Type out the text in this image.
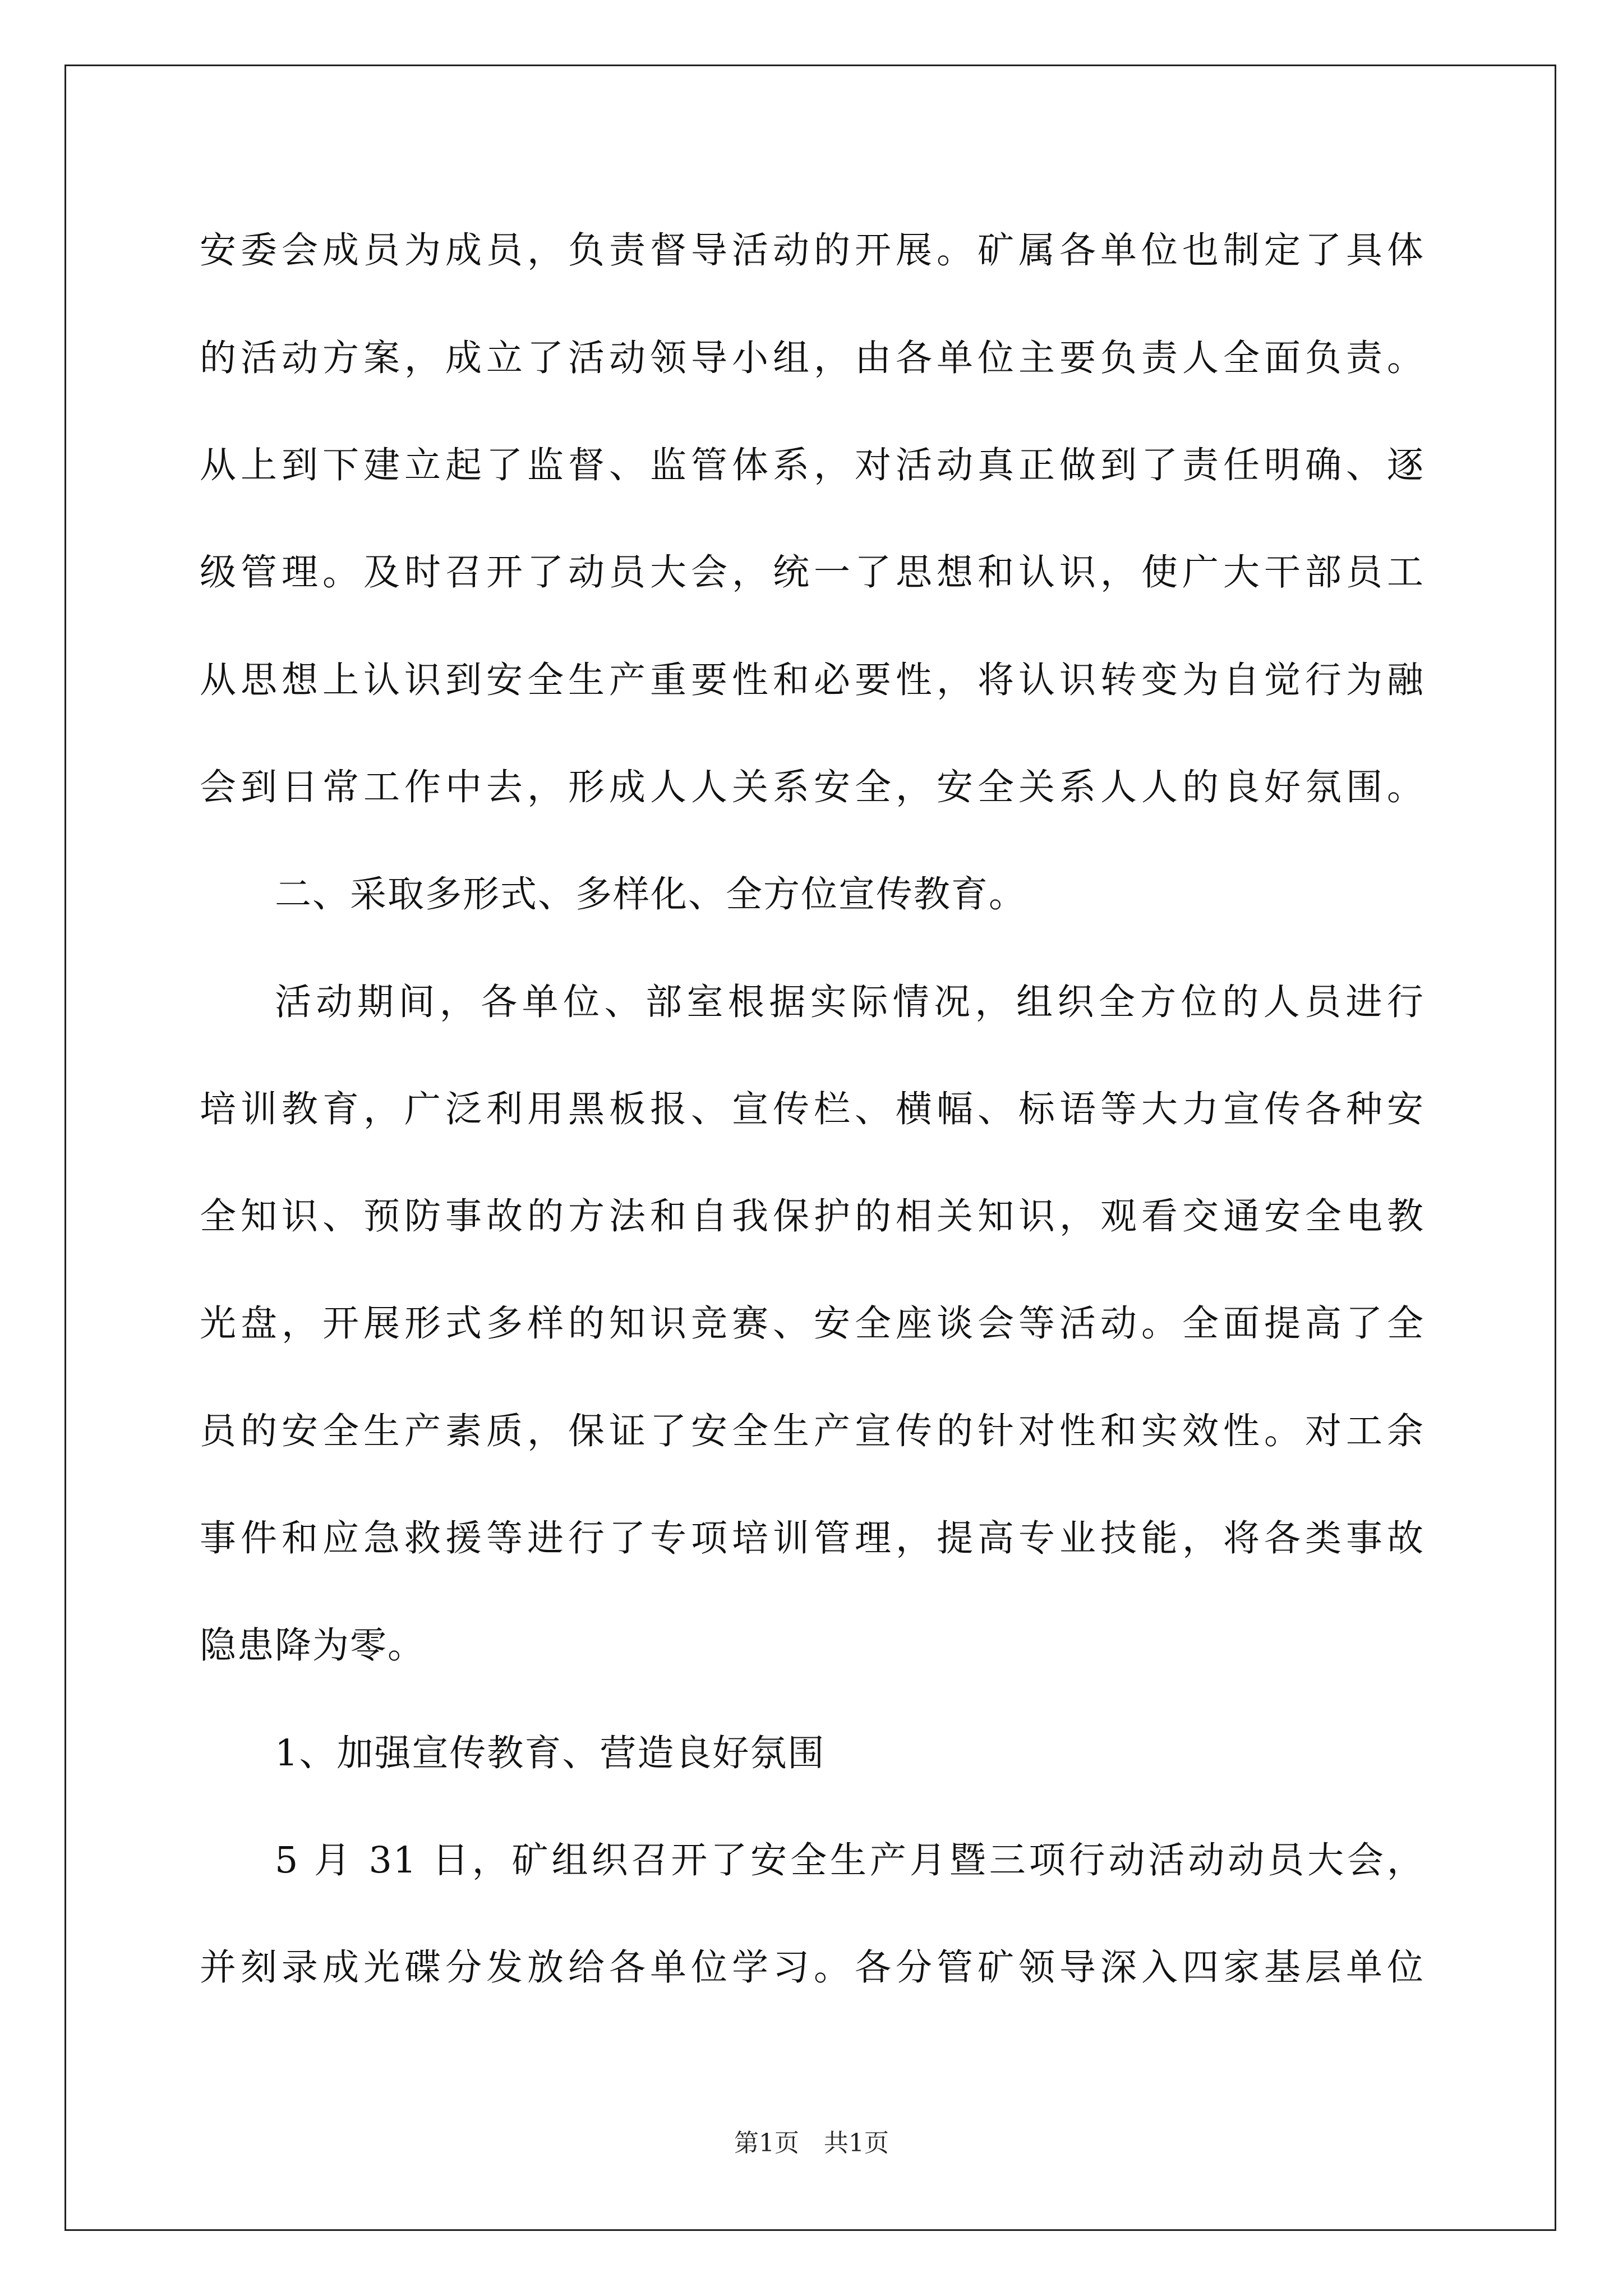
安委会成员为成员，负责督导活动的开展。矿属各单位也制定了具体
的活动方案，成立了活动领导小组，由各单位主要负责人全面负责。
从上到下建立起了监督、监管体系，对活动真正做到了责任明确、逐
级管理。及时召开了动员大会，统一了思想和认识，使广大干部员工
从思想上认识到安全生产重要性和必要性，将认识转变为自觉行为融
会到日常工作中去，形成人人关系安全，安全关系人人的良好氛围。
二、采取多形式、多样化、全方位宣传教育。
活动期间，各单位、部室根据实际情况，组织全方位的人员进行
培训教育，广泛利用黑板报、宣传栏、横幅、标语等大力宣传各种安
全知识、预防事故的方法和自我保护的相关知识，观看交通安全电教
光盘，开展形式多样的知识竞赛、安全座谈会等活动。全面提高了全
员的安全生产素质，保证了安全生产宣传的针对性和实效性。对工余
事件和应急救援等进行了专项培训管理，提高专业技能，将各类事故
隐患降为零。
1、加强宣传教育、营造良好氛围
5 月 31 日，矿组织召开了安全生产月暨三项行动活动动员大会，
并刻录成光碟分发放给各单位学习。各分管矿领导深入四家基层单位
第1页 共1页
